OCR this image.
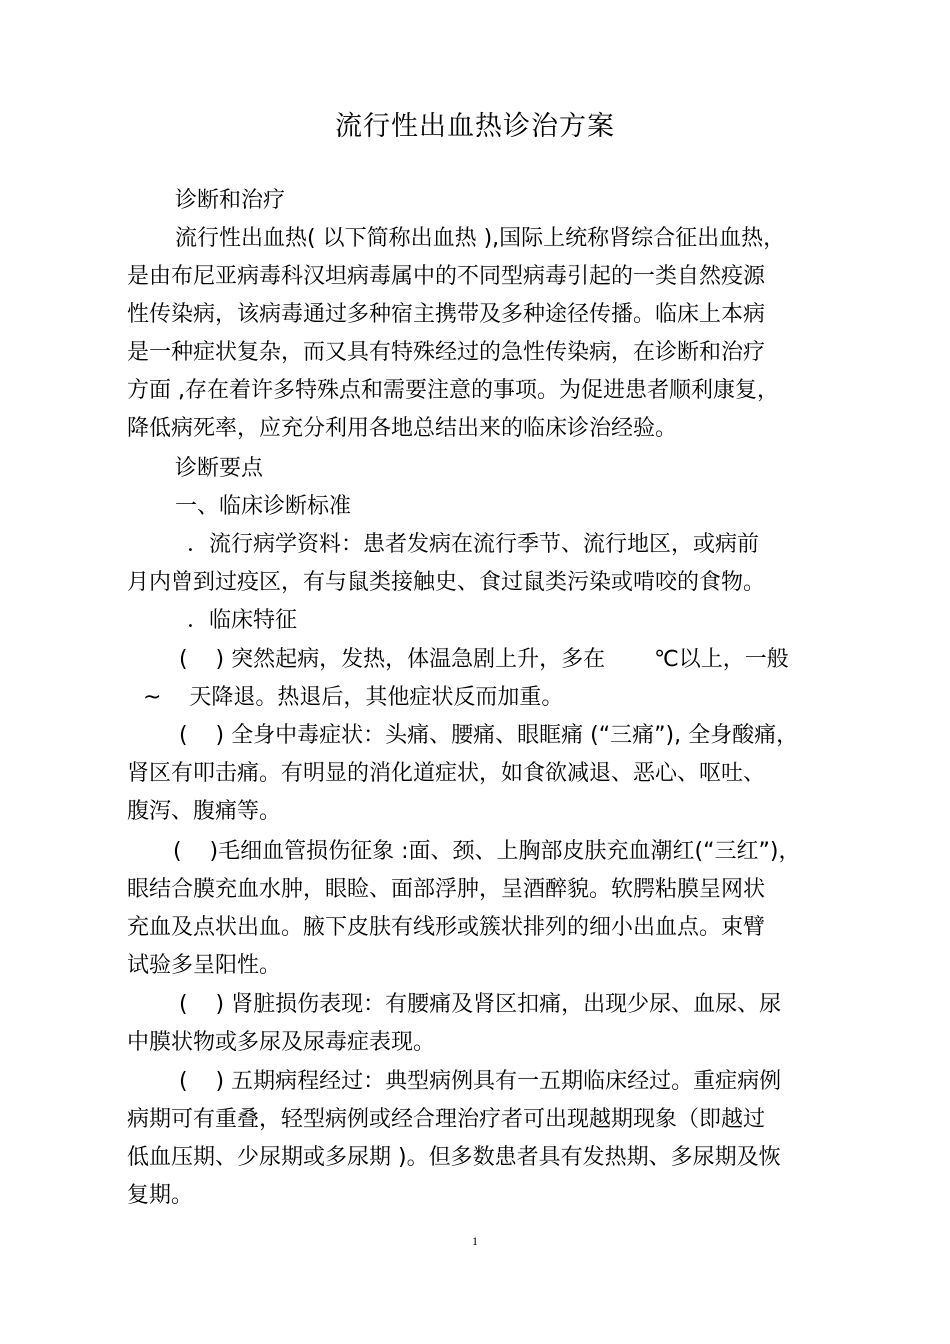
流行性出血热诊治方案
诊断和治疗
流行性出血热( 以下简称出血热 ),国际上统称肾综合征出血热，
是由布尼亚病毒科汉坦病毒属中的不同型病毒引起的一类自然疫源
性传染病，该病毒通过多种宿主携带及多种途径传播。临床上本病
是一种症状复杂，而又具有特殊经过的急性传染病，在诊断和治疗
方面 ,存在着许多特殊点和需要注意的事项。为促进患者顺利康复，
降低病死率，应充分利用各地总结出来的临床诊治经验。
诊断要点
一、临床诊断标准
．流行病学资料：患者发病在流行季节、流行地区，或病前
月内曾到过疫区，有与鼠类接触史、食过鼠类污染或啃咬的食物。
．临床特征
(    ) 突然起病，发热，体温急剧上升，多在       ℃以上，一般
~    天降退。热退后，其他症状反而加重。
(    ) 全身中毒症状：头痛、腰痛、眼眶痛 (“三痛”), 全身酸痛，
肾区有叩击痛。有明显的消化道症状，如食欲减退、恶心、呕吐、
腹泻、腹痛等。
(    )毛细血管损伤征象 :面、颈、上胸部皮肤充血潮红(“三红”)，
眼结合膜充血水肿，眼睑、面部浮肿，呈酒醉貌。软腭粘膜呈网状
充血及点状出血。腋下皮肤有线形或簇状排列的细小出血点。束臂
试验多呈阳性。
(    ) 肾脏损伤表现：有腰痛及肾区扣痛，出现少尿、血尿、尿
中膜状物或多尿及尿毒症表现。
(    ) 五期病程经过：典型病例具有一五期临床经过。重症病例
病期可有重叠，轻型病例或经合理治疗者可出现越期现象（即越过
低血压期、少尿期或多尿期 )。但多数患者具有发热期、多尿期及恢
复期。
1
